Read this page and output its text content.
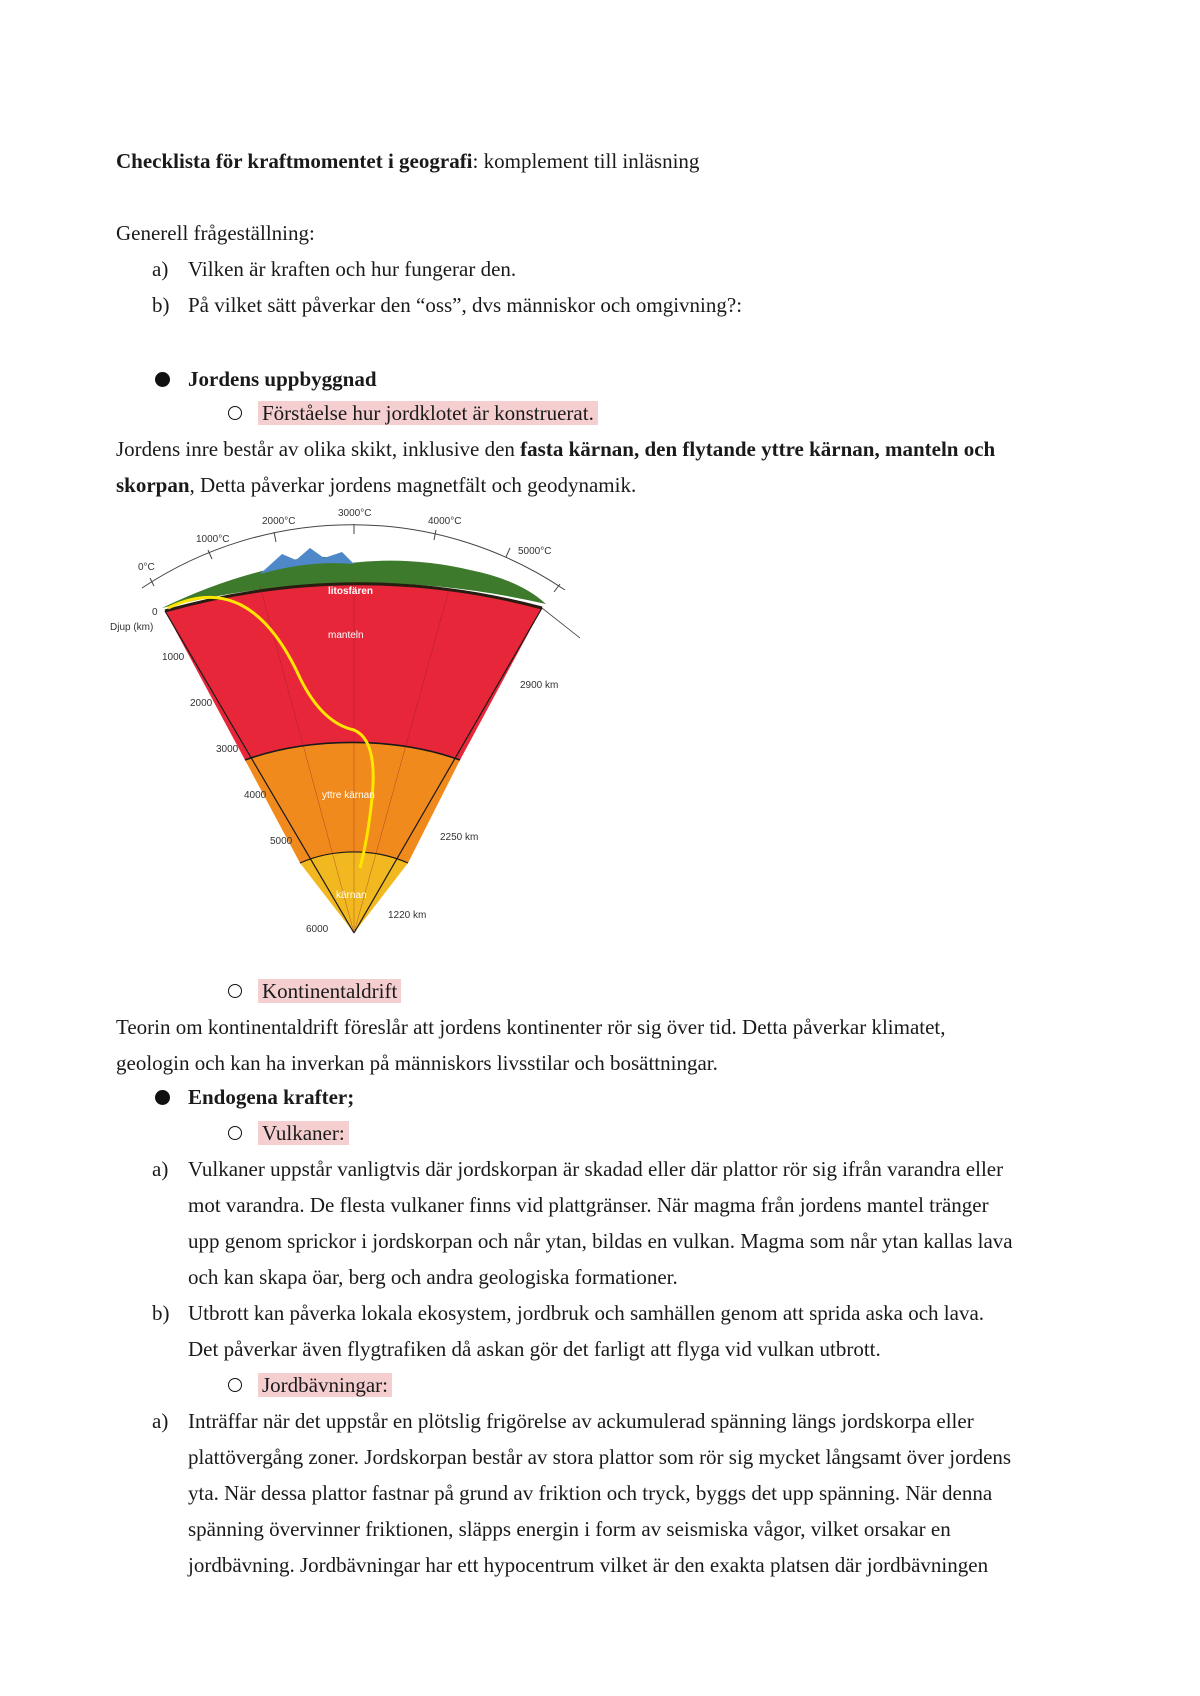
Checklista för kraftmomentet i geografi: komplement till inläsning
Generell frågeställning:
a) Vilken är kraften och hur fungerar den.
b) På vilket sätt påverkar den “oss”, dvs människor och omgivning?:
Jordens uppbyggnad
Förståelse hur jordklotet är konstruerat.
Jordens inre består av olika skikt, inklusive den fasta kärnan, den flytande yttre kärnan, manteln och
skorpan, Detta påverkar jordens magnetfält och geodynamik.
0°C
1000°C
2000°C
3000°C
4000°C
5000°C
litosfären
manteln
yttre kärnan
kärnan
Djup (km)
0
1000
2000
3000
4000
5000
6000
2900 km
2250 km
1220 km
Kontinentaldrift
Teorin om kontinentaldrift föreslår att jordens kontinenter rör sig över tid. Detta påverkar klimatet,
geologin och kan ha inverkan på människors livsstilar och bosättningar.
Endogena krafter;
Vulkaner:
a) Vulkaner uppstår vanligtvis där jordskorpan är skadad eller där plattor rör sig ifrån varandra eller
mot varandra. De flesta vulkaner finns vid plattgränser. När magma från jordens mantel tränger
upp genom sprickor i jordskorpan och når ytan, bildas en vulkan. Magma som når ytan kallas lava
och kan skapa öar, berg och andra geologiska formationer.
b) Utbrott kan påverka lokala ekosystem, jordbruk och samhällen genom att sprida aska och lava.
Det påverkar även flygtrafiken då askan gör det farligt att flyga vid vulkan utbrott.
Jordbävningar:
a) Inträffar när det uppstår en plötslig frigörelse av ackumulerad spänning längs jordskorpa eller
plattövergång zoner. Jordskorpan består av stora plattor som rör sig mycket långsamt över jordens
yta. När dessa plattor fastnar på grund av friktion och tryck, byggs det upp spänning. När denna
spänning övervinner friktionen, släpps energin i form av seismiska vågor, vilket orsakar en
jordbävning. Jordbävningar har ett hypocentrum vilket är den exakta platsen där jordbävningen
